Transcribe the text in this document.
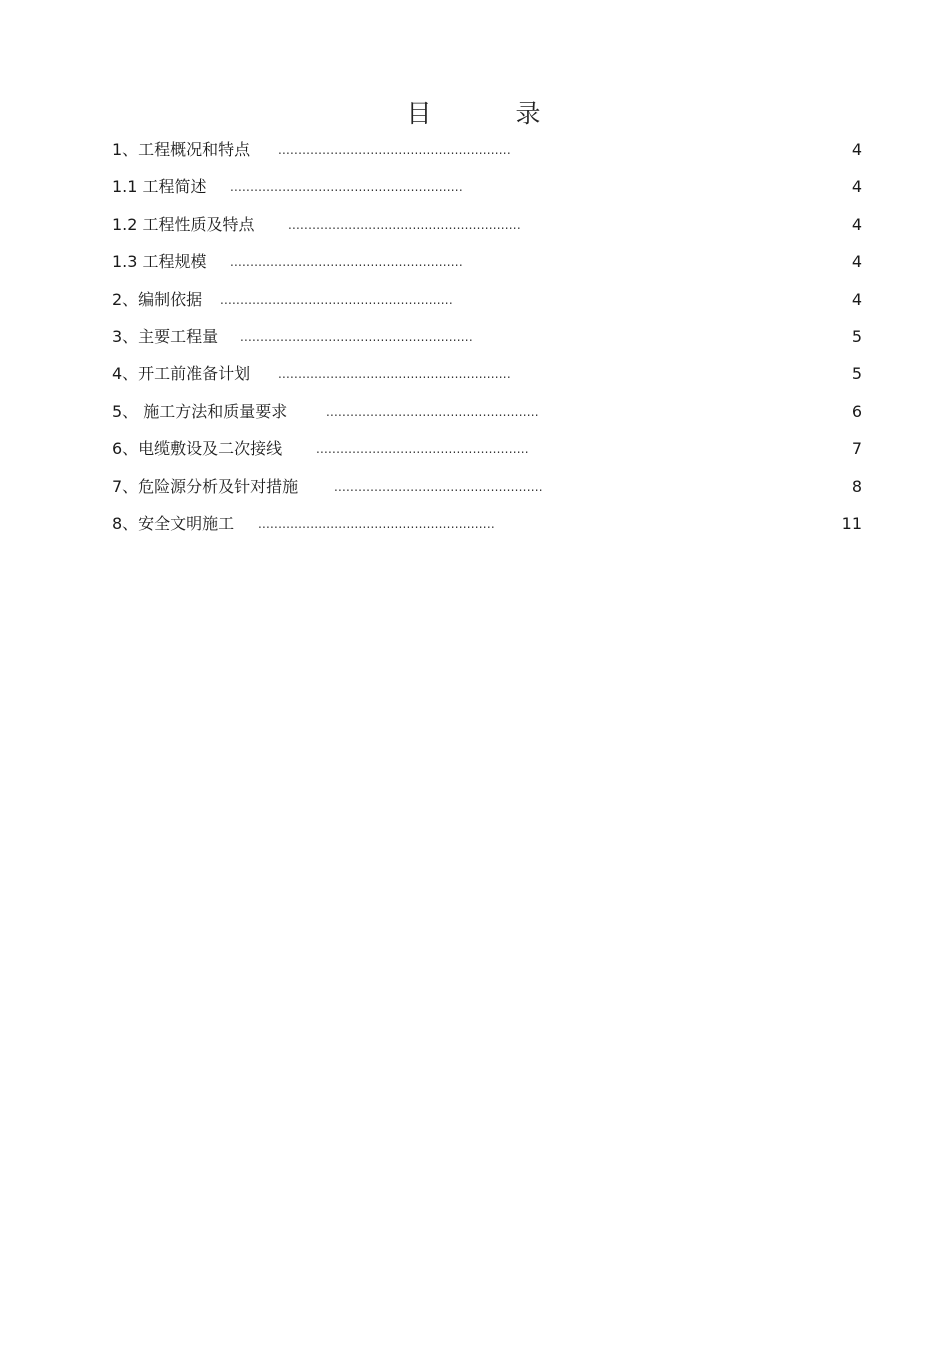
目 录
1、工程概况和特点 ..........................................................	4
1.1 工程简述 ..........................................................	4
1.2 工程性质及特点	..........................................................	4
1.3 工程规模 ..........................................................	4
2、编制依据 ..........................................................	4
3、主要工程量 ..........................................................	5
4、开工前准备计划 ..........................................................	5
5、 施工方法和质量要求	.....................................................	6
6、电缆敷设及二次接线	.....................................................	7
7、危险源分析及针对措施	....................................................	8
8、安全文明施工 ...........................................................	11
